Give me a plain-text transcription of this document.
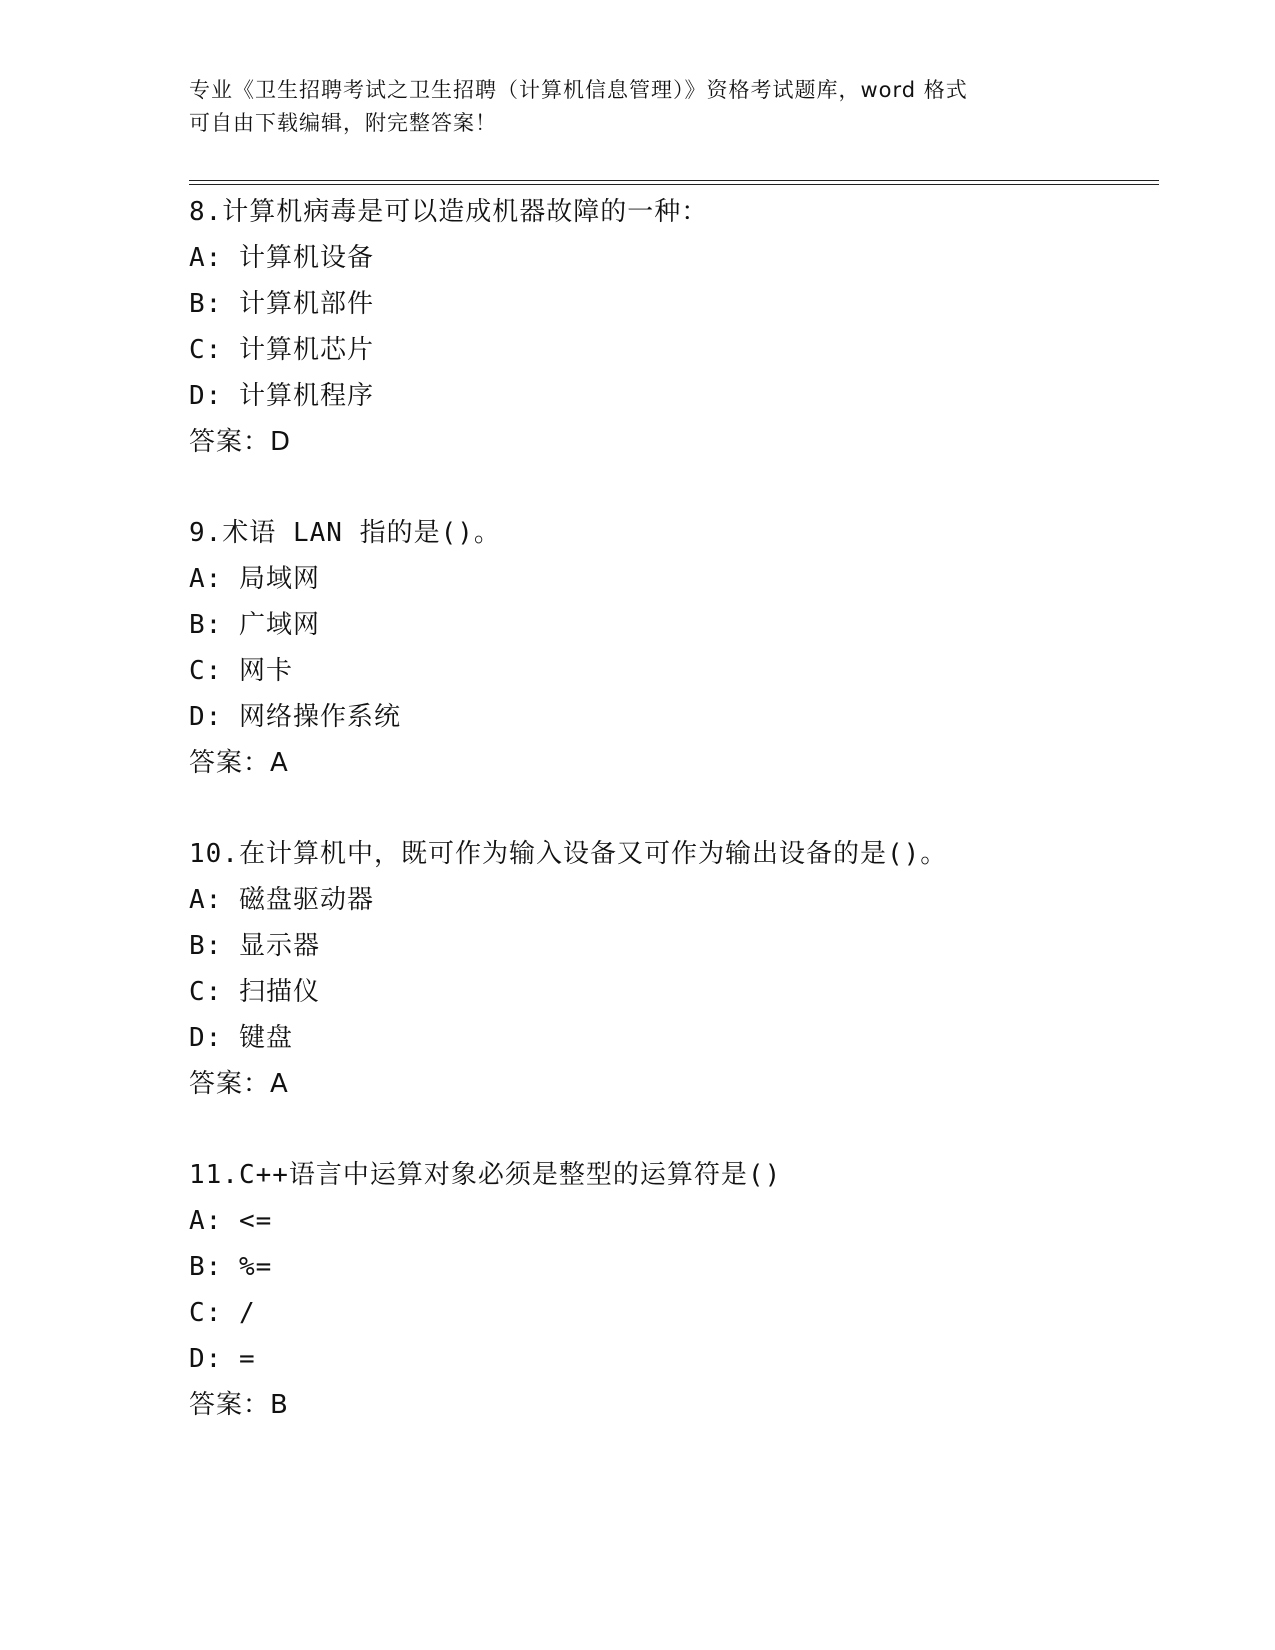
专业《卫生招聘考试之卫生招聘（计算机信息管理）》资格考试题库，word 格式
可自由下载编辑，附完整答案！
8.计算机病毒是可以造成机器故障的一种：
A: 计算机设备
B: 计算机部件
C: 计算机芯片
D: 计算机程序
答案：D
9.术语 LAN 指的是()。
A: 局域网
B: 广域网
C: 网卡
D: 网络操作系统
答案：A
10.在计算机中，既可作为输入设备又可作为输出设备的是()。
A: 磁盘驱动器
B: 显示器
C: 扫描仪
D: 键盘
答案：A
11.C++语言中运算对象必须是整型的运算符是()
A: <=
B: %=
C: /
D: =
答案：B
